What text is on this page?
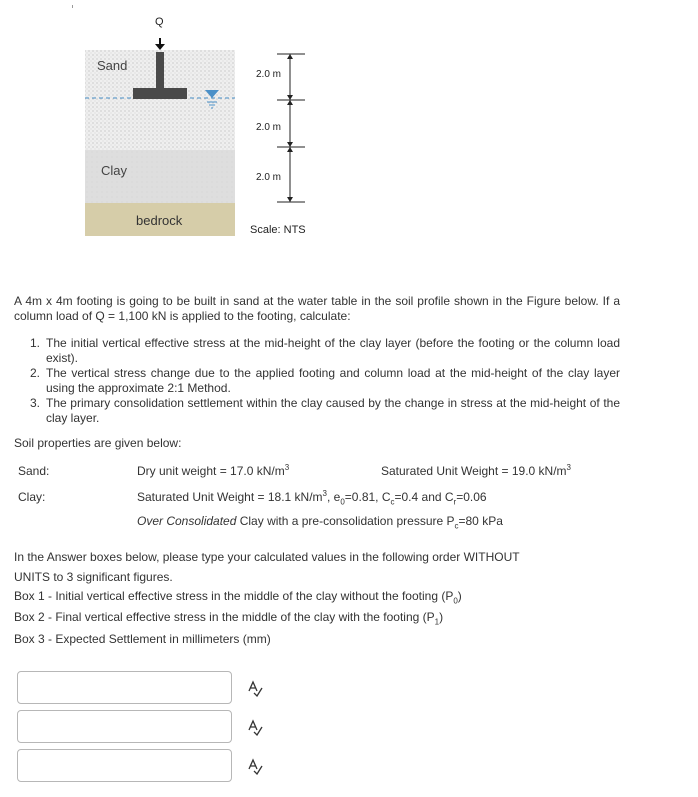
Q
Sand
Clay
bedrock
2.0 m
2.0 m
2.0 m
Scale: NTS
A 4m x 4m footing is going to be built in sand at the water table in the soil profile shown in the Figure below. If a column load of Q = 1,100 kN is applied to the footing, calculate:
1. The initial vertical effective stress at the mid-height of the clay layer (before the footing or the column load exist).
2. The vertical stress change due to the applied footing and column load at the mid-height of the clay layer using the approximate 2:1 Method.
3. The primary consolidation settlement within the clay caused by the change in stress at the mid-height of the clay layer.
Soil properties are given below:
Sand:	Dry unit weight = 17.0 $kN/m^3$	Saturated Unit Weight = 19.0 $kN/m^3$
Clay:	Saturated Unit Weight = 18.1 $kN/m^3$, $e_0=0.81$, $C_c=0.4$ and $C_r=0.06$
Over Consolidated Clay with a pre-consolidation pressure $P_c=80$ kPa
In the Answer boxes below, please type your calculated values in the following order WITHOUT
UNITS to 3 significant figures.
Box 1 - Initial vertical effective stress in the middle of the clay without the footing $(P_0)$
Box 2 - Final vertical effective stress in the middle of the clay with the footing $(P_1)$
Box 3 - Expected Settlement in millimeters (mm)
